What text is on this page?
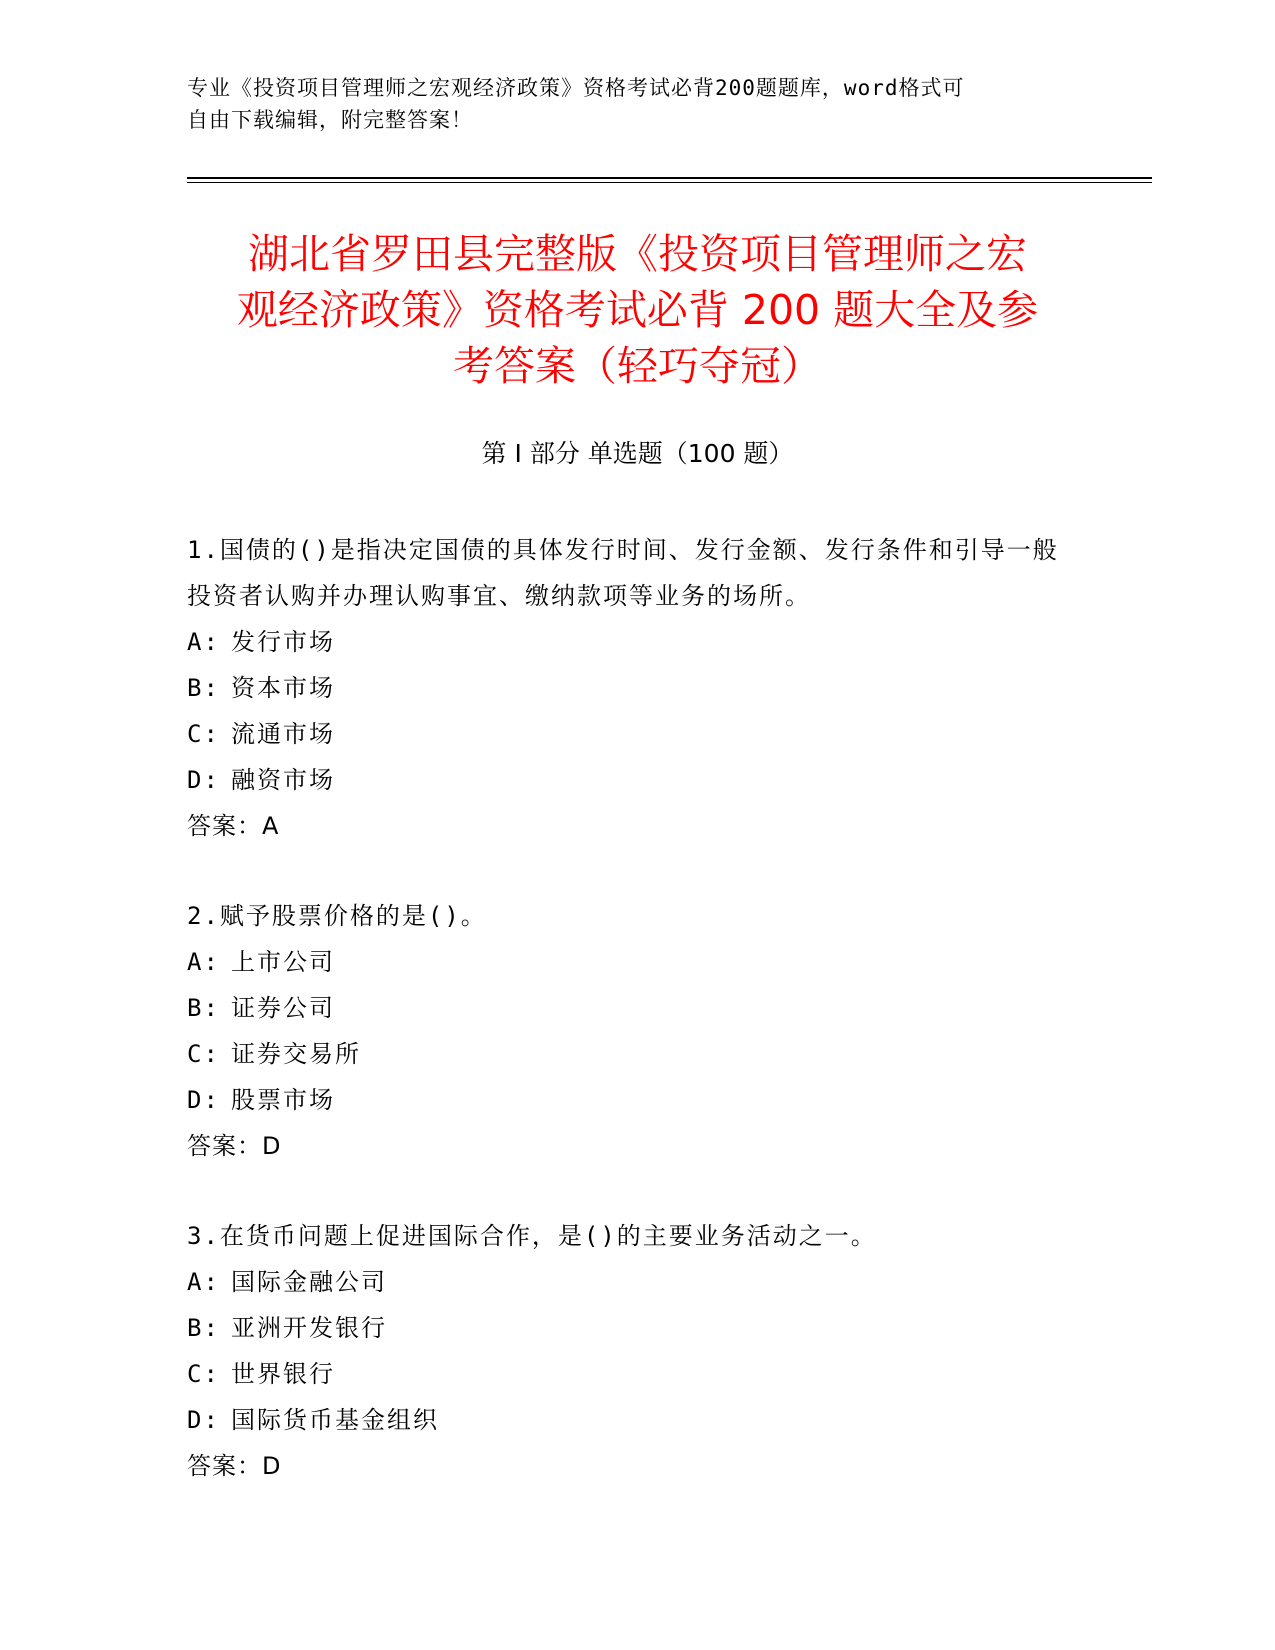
专业《投资项目管理师之宏观经济政策》资格考试必背200题题库，word格式可
自由下载编辑，附完整答案！
湖北省罗田县完整版《投资项目管理师之宏
观经济政策》资格考试必背 200 题大全及参
考答案（轻巧夺冠）
第 I 部分 单选题（100 题）

1.国债的()是指决定国债的具体发行时间、发行金额、发行条件和引导一般投资者认购并办理认购事宜、缴纳款项等业务的场所。

A: 发行市场
B: 资本市场
C: 流通市场
D: 融资市场
答案：A

2.赋予股票价格的是()。

A: 上市公司
B: 证券公司
C: 证券交易所
D: 股票市场
答案：D

3.在货币问题上促进国际合作，是()的主要业务活动之一。

A: 国际金融公司
B: 亚洲开发银行
C: 世界银行
D: 国际货币基金组织
答案：D
